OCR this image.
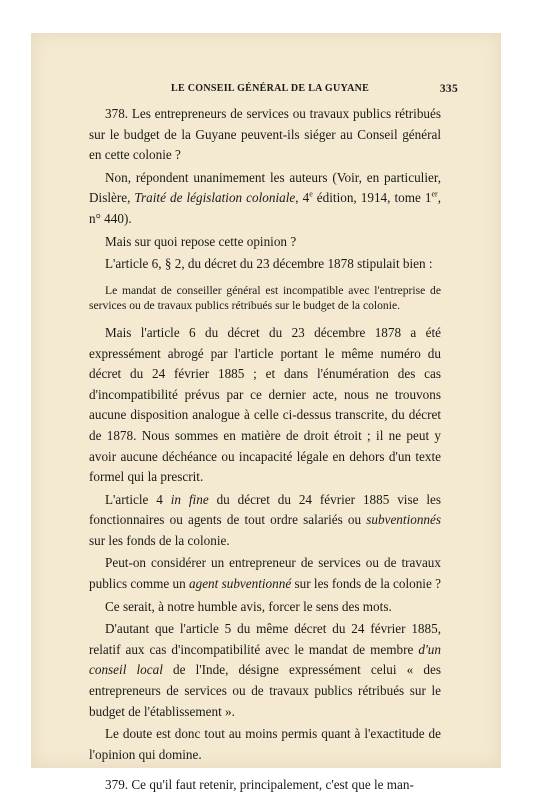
LE CONSEIL GÉNÉRAL DE LA GUYANE	335

378. Les entrepreneurs de services ou travaux publics rétribués sur le budget de la Guyane peuvent-ils siéger au Conseil général en cette colonie ?

Non, répondent unanimement les auteurs (Voir, en particulier, Dislère, Traité de législation coloniale, 4e édition, 1914, tome 1er, n° 440).

Mais sur quoi repose cette opinion ?

L'article 6, § 2, du décret du 23 décembre 1878 stipulait bien :

Le mandat de conseiller général est incompatible avec l'entreprise de services ou de travaux publics rétribués sur le budget de la colonie.

Mais l'article 6 du décret du 23 décembre 1878 a été expressément abrogé par l'article portant le même numéro du décret du 24 février 1885 ; et dans l'énumération des cas d'incompatibilité prévus par ce dernier acte, nous ne trouvons aucune disposition analogue à celle ci-dessus transcrite, du décret de 1878. Nous sommes en matière de droit étroit ; il ne peut y avoir aucune déchéance ou incapacité légale en dehors d'un texte formel qui la prescrit.

L'article 4 in fine du décret du 24 février 1885 vise les fonctionnaires ou agents de tout ordre salariés ou subventionnés sur les fonds de la colonie.

Peut-on considérer un entrepreneur de services ou de travaux publics comme un agent subventionné sur les fonds de la colonie ?

Ce serait, à notre humble avis, forcer le sens des mots.

D'autant que l'article 5 du même décret du 24 février 1885, relatif aux cas d'incompatibilité avec le mandat de membre d'un conseil local de l'Inde, désigne expressément celui « des entrepreneurs de services ou de travaux publics rétribués sur le budget de l'établissement ».

Le doute est donc tout au moins permis quant à l'exactitude de l'opinion qui domine.

379. Ce qu'il faut retenir, principalement, c'est que le man-
